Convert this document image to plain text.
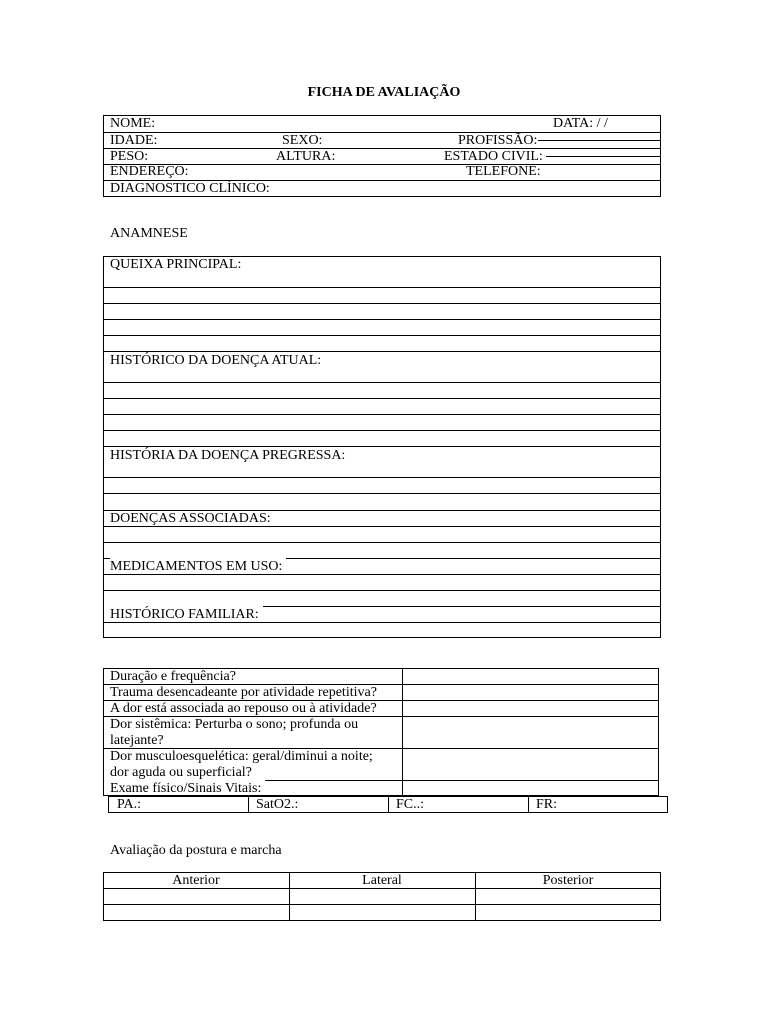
FICHA DE AVALIAÇÃO
NOME:	DATA: / /
IDADE:	SEXO:	PROFISSÃO:
PESO:	ALTURA:	ESTADO CIVIL:
ENDEREÇO:	TELEFONE:
DIAGNOSTICO CLÍNICO:
ANAMNESE
QUEIXA PRINCIPAL:
HISTÓRICO DA DOENÇA ATUAL:
HISTÓRIA DA DOENÇA PREGRESSA:
DOENÇAS ASSOCIADAS:
MEDICAMENTOS EM USO:
HISTÓRICO FAMILIAR:
Duração e frequência?
Trauma desencadeante por atividade repetitiva?
A dor está associada ao repouso ou à atividade?
Dor sistêmica: Perturba o sono; profunda ou
latejante?
Dor musculoesquelética: geral/diminui a noite;
dor aguda ou superficial?
Exame físico/Sinais Vitais:
PA.:	SatO2.:	FC..:	FR:
Avaliação da postura e marcha
Anterior	Lateral	Posterior
